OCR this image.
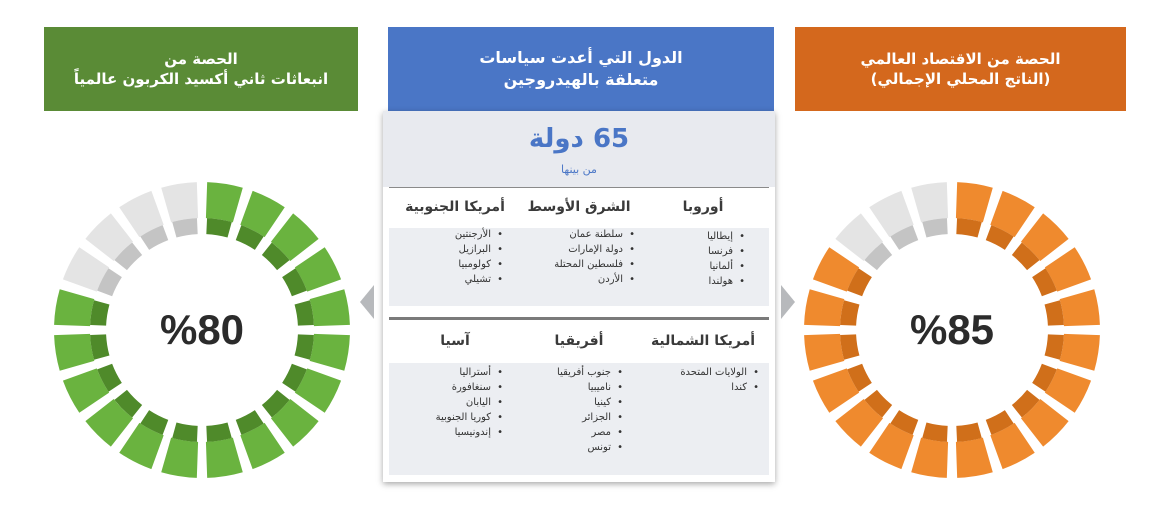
الحصة من
انبعاثات ثاني أكسيد الكربون عالمياً
الدول التي أعدت سياسات
متعلقة بالهيدروجين
الحصة من الاقتصاد العالمي
(الناتج المحلي الإجمالي)
65 دولة
من بينها
أوروبا
• إيطاليا
• فرنسا
• ألمانيا
• هولندا
الشرق الأوسط
• سلطنة عمان
• دولة الإمارات
• فلسطين المحتلة
• الأردن
أمريكا الجنوبية
• الأرجنتين
• البرازيل
• كولومبيا
• تشيلي
أمريكا الشمالية
• الولايات المتحدة
• كندا
أفريقيا
• جنوب أفريقيا
• ناميبيا
• كينيا
• الجزائر
• مصر
• تونس
آسيا
• أستراليا
• سنغافورة
• اليابان
• كوريا الجنوبية
• إندونيسيا
%80	%85
